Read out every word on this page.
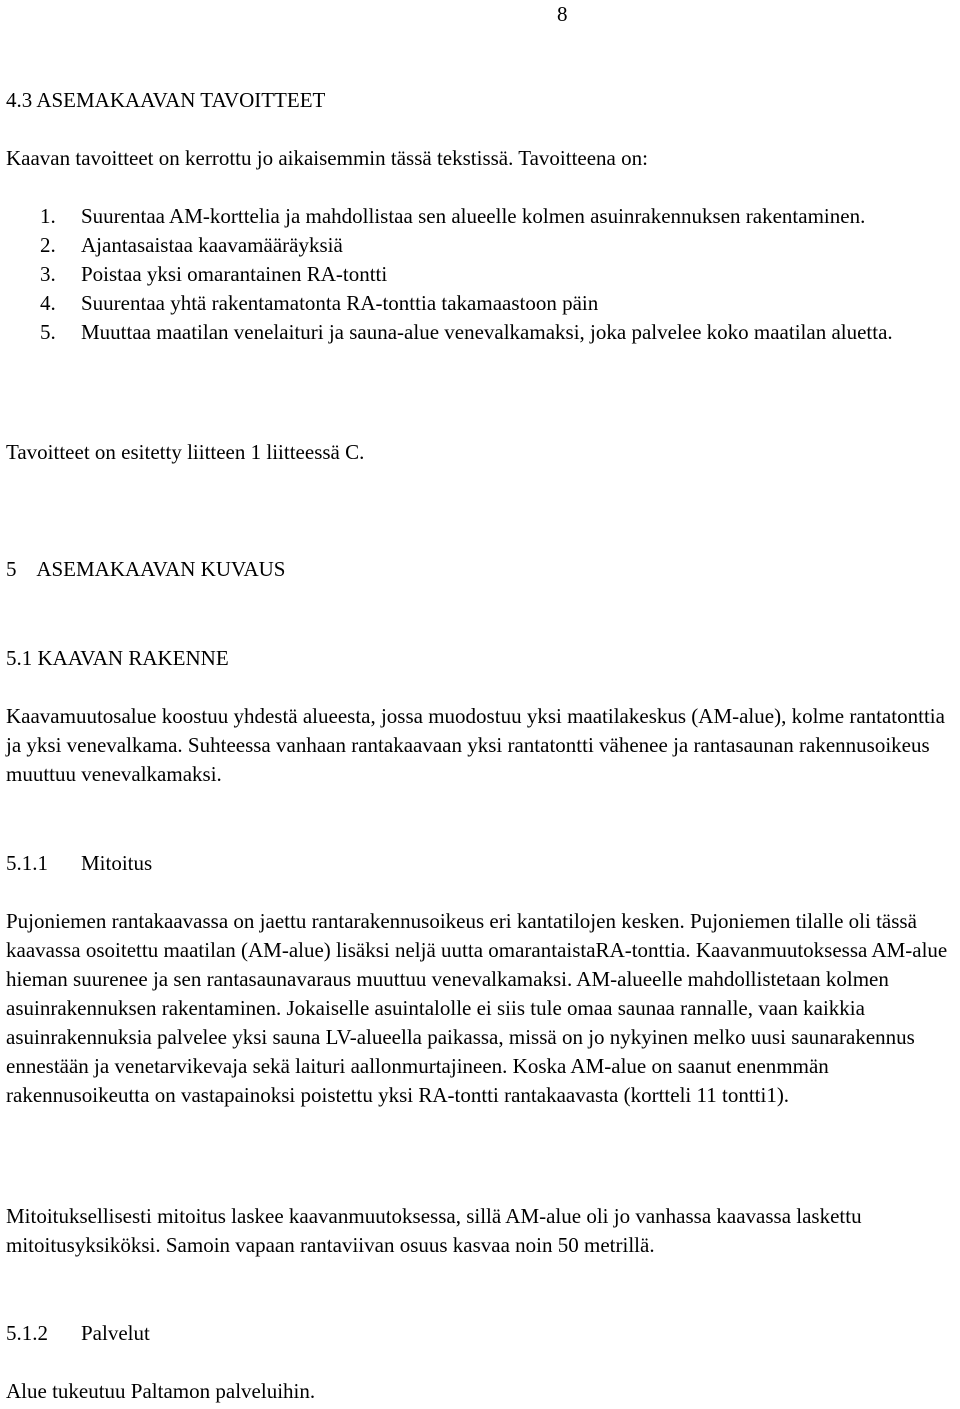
8
4.3 ASEMAKAAVAN TAVOITTEET

Kaavan tavoitteet on kerrottu jo aikaisemmin tässä tekstissä. Tavoitteena on:

1. Suurentaa AM-korttelia ja mahdollistaa sen alueelle kolmen asuinrakennuksen rakentaminen.
2. Ajantasaistaa kaavamääräyksiä
3. Poistaa yksi omarantainen RA-tontti
4. Suurentaa yhtä rakentamatonta RA-tonttia takamaastoon päin
5. Muuttaa maatilan venelaituri ja sauna-alue venevalkamaksi, joka palvelee koko maatilan aluetta.

Tavoitteet on esitetty liitteen 1 liitteessä C.

5    ASEMAKAAVAN KUVAUS
5.1 KAAVAN RAKENNE

Kaavamuutosalue koostuu yhdestä alueesta, jossa muodostuu yksi maatilakeskus (AM-alue), kolme rantatonttia ja yksi venevalkama. Suhteessa vanhaan rantakaavaan yksi rantatontti vähenee ja rantasaunan rakennusoikeus muuttuu venevalkamaksi.

5.1.1 Mitoitus

Pujoniemen rantakaavassa on jaettu rantarakennusoikeus eri kantatilojen kesken. Pujoniemen tilalle oli tässä kaavassa osoitettu maatilan (AM-alue) lisäksi neljä uutta omarantaistaRA-tonttia. Kaavanmuutoksessa AM-alue hieman suurenee ja sen rantasaunavaraus muuttuu venevalkamaksi. AM-alueelle mahdollistetaan kolmen asuinrakennuksen rakentaminen. Jokaiselle asuintalolle ei siis tule omaa saunaa rannalle, vaan kaikkia asuinrakennuksia palvelee yksi sauna LV-alueella paikassa, missä on jo nykyinen melko uusi saunarakennus ennestään ja venetarvikevaja sekä laituri aallonmurtajineen. Koska AM-alue on saanut enenmmän rakennusoikeutta on vastapainoksi poistettu yksi RA-tontti rantakaavasta (kortteli 11 tontti1).

Mitoituksellisesti mitoitus laskee kaavanmuutoksessa, sillä AM-alue oli jo vanhassa kaavassa laskettu mitoitusyksiköksi. Samoin vapaan rantaviivan osuus kasvaa noin 50 metrillä.

5.1.2 Palvelut

Alue tukeutuu Paltamon palveluihin.
